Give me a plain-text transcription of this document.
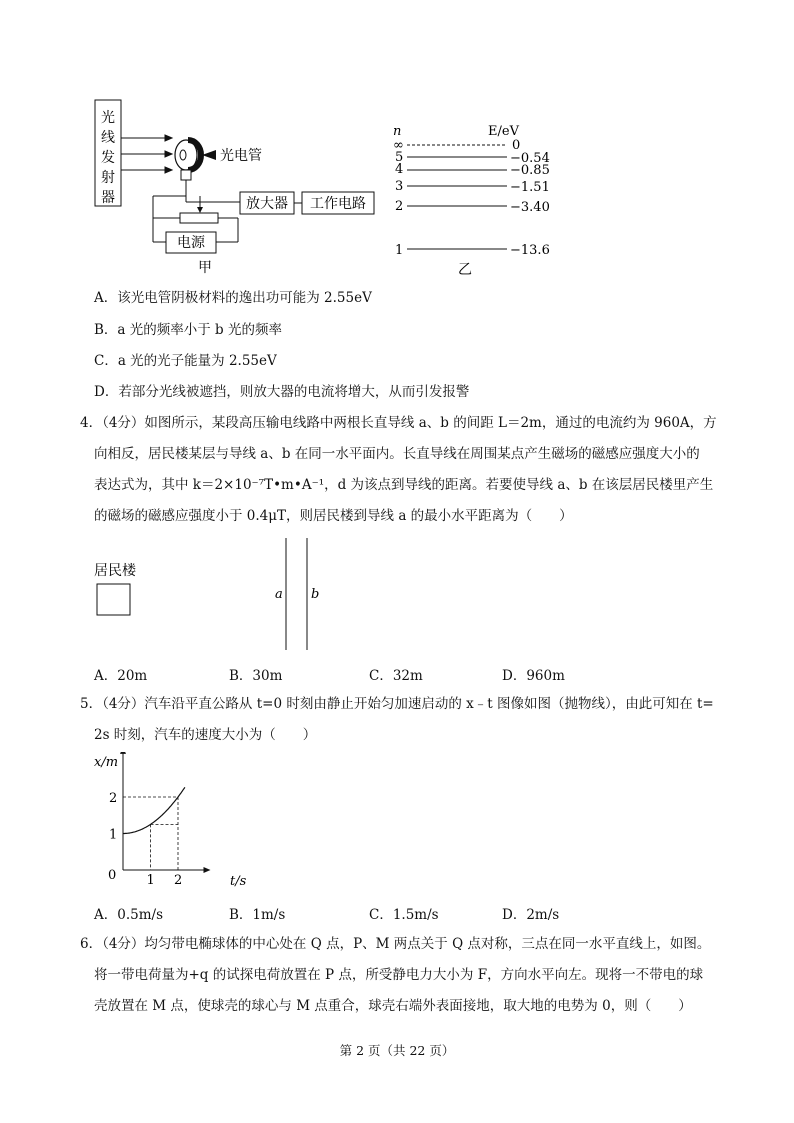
光
线
发
射
器
光电管
放大器 工作电路
电源
甲
n	E/eV
∞	0
5	−0.54
4	−0.85
3	−1.51
2	−3.40
1	−13.6
乙
A．该光电管阴极材料的逸出功可能为 2.55eV
B．a 光的频率小于 b 光的频率
C．a 光的光子能量为 2.55eV
D．若部分光线被遮挡，则放大器的电流将增大，从而引发报警
4．（4分）如图所示，某段高压输电线路中两根长直导线 a、b 的间距 L＝2m，通过的电流约为 960A，方
向相反，居民楼某层与导线 a、b 在同一水平面内。长直导线在周围某点产生磁场的磁感应强度大小的
表达式为，其中 k＝2×10⁻⁷T•m•A⁻¹，d 为该点到导线的距离。若要使导线 a、b 在该层居民楼里产生
的磁场的磁感应强度小于 0.4μT，则居民楼到导线 a 的最小水平距离为（　　）
居民楼
a b
A．20m	B．30m	C．32m	D．960m
5．（4分）汽车沿平直公路从 t=0 时刻由静止开始匀加速启动的 x﹣t 图像如图（抛物线），由此可知在 t=
2s 时刻，汽车的速度大小为（　　）
x/m
t/s
0 1 2
1
2
A．0.5m/s	B．1m/s	C．1.5m/s	D．2m/s
6．（4分）均匀带电椭球体的中心处在 Q 点，P、M 两点关于 Q 点对称，三点在同一水平直线上，如图。
将一带电荷量为+q 的试探电荷放置在 P 点，所受静电力大小为 F，方向水平向左。现将一不带电的球
壳放置在 M 点，使球壳的球心与 M 点重合，球壳右端外表面接地，取大地的电势为 0，则（　　）
第 2 页（共 22 页）
